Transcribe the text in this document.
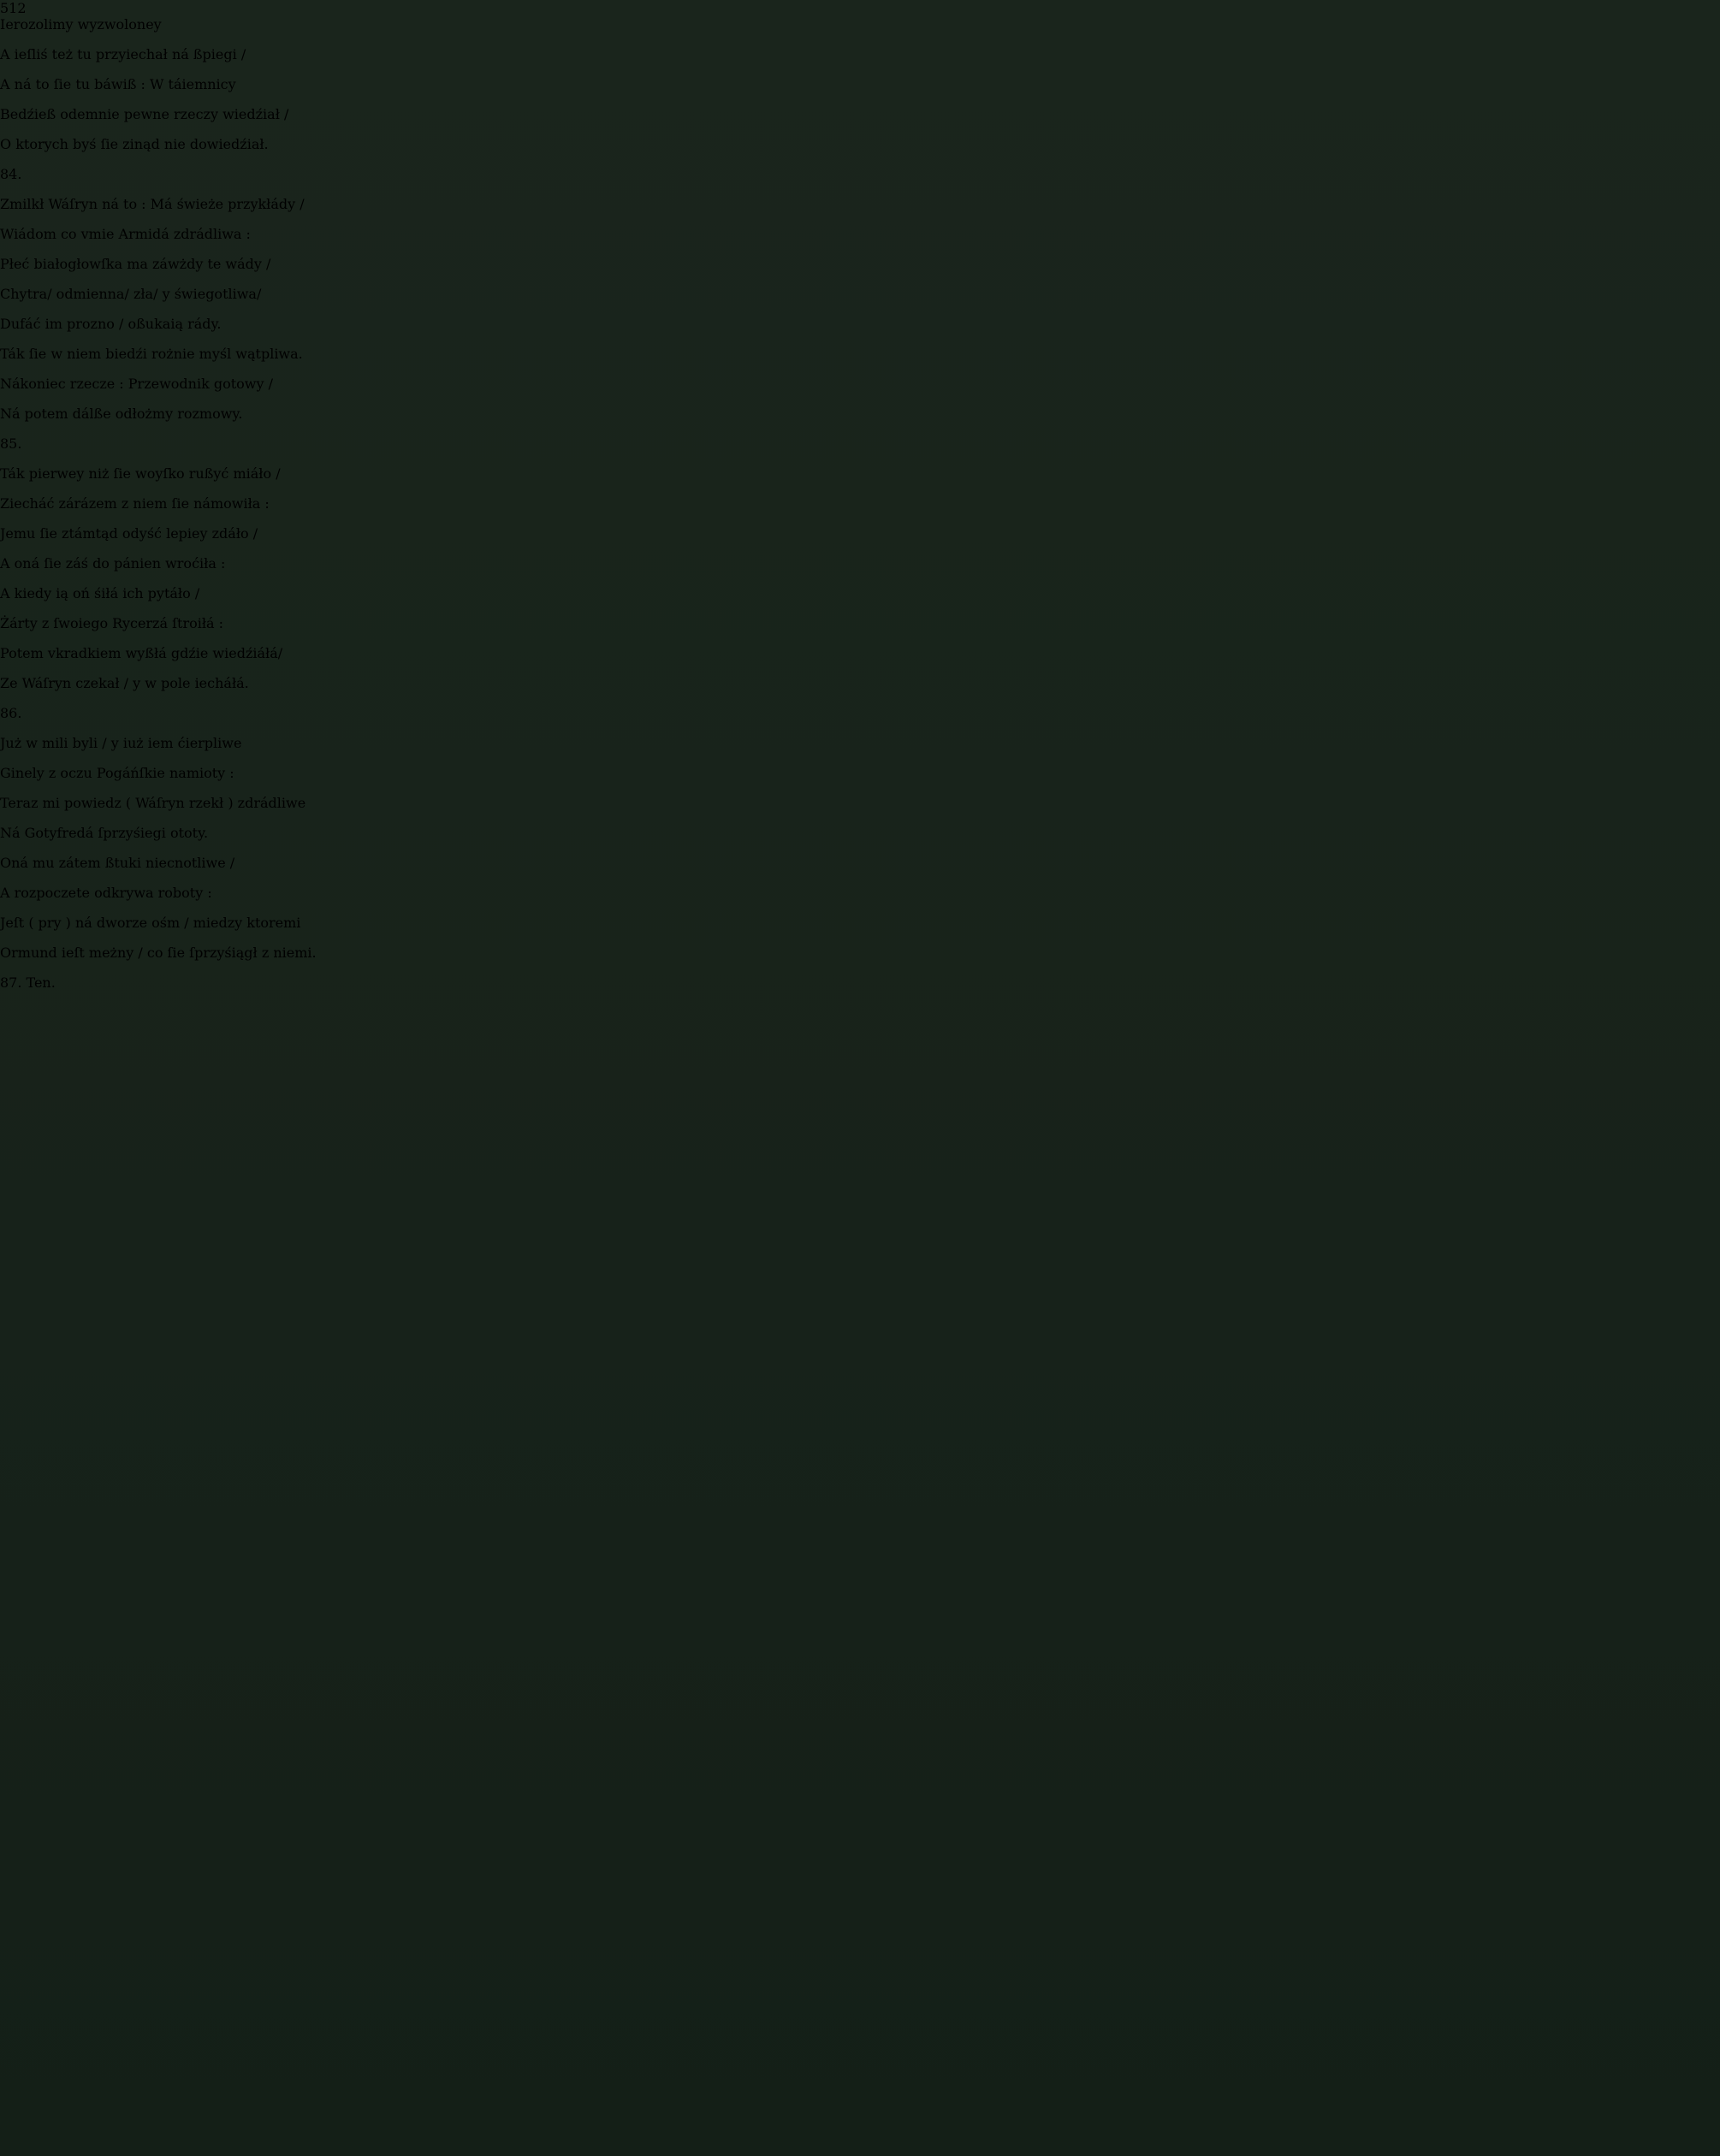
512
Ierozolimy wyzwoloney

A ieſliś też tu przyiechał ná ßpiegi /

A ná to ſie tu báwiß : W táiemnicy

Bedźieß odemnie pewne rzeczy wiedźiał /

O ktorych byś ſie zinąd nie dowiedźiał.

84.

Zmilkł Wáſryn ná to : Má świeże przykłády /

Wiádom co vmie Armidá zdrádliwa :

Płeć białogłowſka ma záwżdy te wády /

Chytra/ odmienna/ zła/ y świegotliwa/

Dufáć im prozno / oßukaią rády.

Ták ſie w niem biedźi rożnie myśl wątpliwa.

Nákoniec rzecze : Przewodnik gotowy /

Ná potem dálße odłożmy rozmowy.

85.

Ták pierwey niż ſie woyſko rußyć miáło /

Ziecháć zárázem z niem ſie námowiła :

Jemu ſie ztámtąd odyść lepiey zdáło /

A oná ſie záś do pánien wroćiła :

A kiedy ią oń śiłá ich pytáło /

Żárty z ſwoiego Rycerzá ſtroiłá :

Potem vkradkiem wyßłá gdźie wiedźiáłá/

Ze Wáſryn czekał / y w pole iecháłá.

86.

Już w mili byli / y iuż iem ćierpliwe

Ginely z oczu Pogáńſkie namioty :

Teraz mi powiedz ( Wáſryn rzekł ) zdrádliwe

Ná Gotyfredá ſprzyśiegi ototy.

Oná mu zátem ßtuki niecnotliwe /

A rozpoczete odkrywa roboty :

Jeſt ( pry ) ná dworze ośm / miedzy ktoremi

Ormund ieſt meżny / co ſie ſprzyśiągł z niemi.

87. Ten.
